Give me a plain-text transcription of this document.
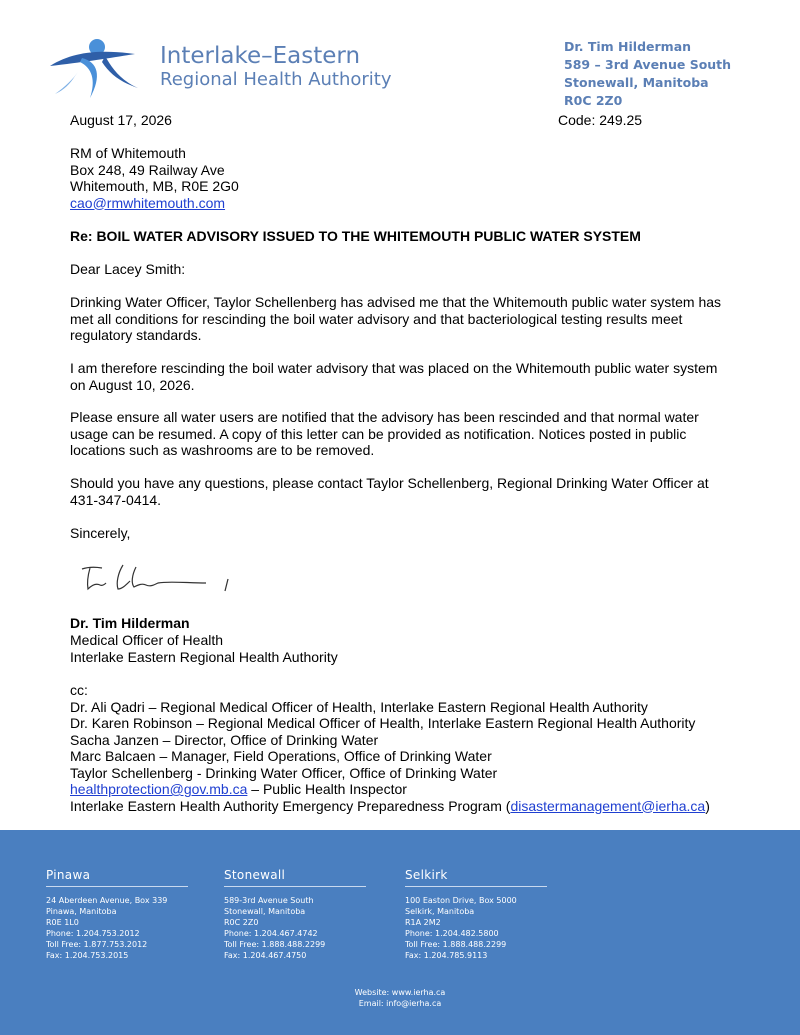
Interlake–Eastern
Regional Health Authority
Dr. Tim Hilderman
589 – 3rd Avenue South
Stonewall, Manitoba
R0C 2Z0
August 17, 2026	Code: 249.25
RM of Whitemouth
Box 248, 49 Railway Ave
Whitemouth, MB, R0E 2G0
cao@rmwhitemouth.com
Re: BOIL WATER ADVISORY ISSUED TO THE WHITEMOUTH PUBLIC WATER SYSTEM
Dear Lacey Smith:
Drinking Water Officer, Taylor Schellenberg has advised me that the Whitemouth public water system has met all conditions for rescinding the boil water advisory and that bacteriological testing results meet regulatory standards.
I am therefore rescinding the boil water advisory that was placed on the Whitemouth public water system on August 10, 2026.
Please ensure all water users are notified that the advisory has been rescinded and that normal water usage can be resumed. A copy of this letter can be provided as notification. Notices posted in public locations such as washrooms are to be removed.
Should you have any questions, please contact Taylor Schellenberg, Regional Drinking Water Officer at 431-347-0414.
Sincerely,
Dr. Tim Hilderman
Medical Officer of Health
Interlake Eastern Regional Health Authority
cc:
Dr. Ali Qadri – Regional Medical Officer of Health, Interlake Eastern Regional Health Authority
Dr. Karen Robinson – Regional Medical Officer of Health, Interlake Eastern Regional Health Authority
Sacha Janzen – Director, Office of Drinking Water
Marc Balcaen – Manager, Field Operations, Office of Drinking Water
Taylor Schellenberg - Drinking Water Officer, Office of Drinking Water
healthprotection@gov.mb.ca – Public Health Inspector
Interlake Eastern Health Authority Emergency Preparedness Program (disastermanagement@ierha.ca)
Pinawa
24 Aberdeen Avenue, Box 339
Pinawa, Manitoba
R0E 1L0
Phone: 1.204.753.2012
Toll Free: 1.877.753.2012
Fax: 1.204.753.2015
Stonewall
589-3rd Avenue South
Stonewall, Manitoba
R0C 2Z0
Phone: 1.204.467.4742
Toll Free: 1.888.488.2299
Fax: 1.204.467.4750
Selkirk
100 Easton Drive, Box 5000
Selkirk, Manitoba
R1A 2M2
Phone: 1.204.482.5800
Toll Free: 1.888.488.2299
Fax: 1.204.785.9113
Website: www.ierha.ca
Email: info@ierha.ca
